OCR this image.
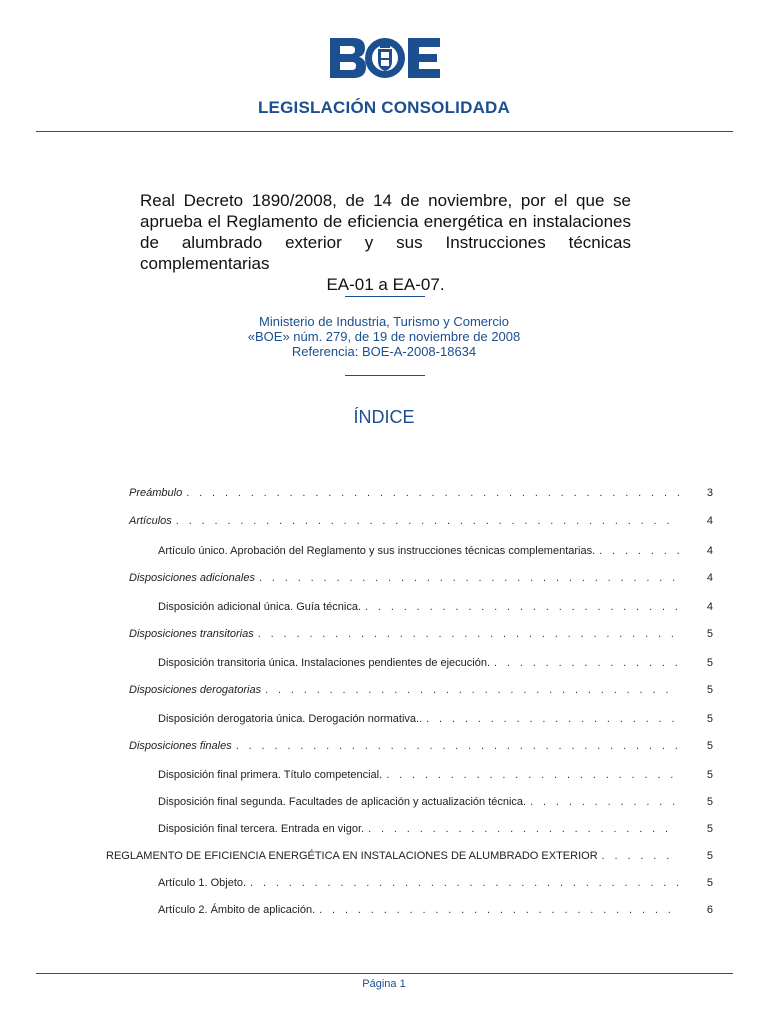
LEGISLACIÓN CONSOLIDADA
Real Decreto 1890/2008, de 14 de noviembre, por el que se aprueba el Reglamento de eficiencia energética en instalaciones de alumbrado exterior y sus Instrucciones técnicas complementarias
EA-01 a EA-07.
Ministerio de Industria, Turismo y Comercio
«BOE» núm. 279, de 19 de noviembre de 2008
Referencia: BOE-A-2008-18634
ÍNDICE
Preámbulo . . .	3
Artículos . . .	4
Artículo único. Aprobación del Reglamento y sus instrucciones técnicas complementarias. . . .	4
Disposiciones adicionales . . .	4
Disposición adicional única. Guía técnica. . . .	4
Disposiciones transitorias . . .	5
Disposición transitoria única. Instalaciones pendientes de ejecución. . . .	5
Disposiciones derogatorias . . .	5
Disposición derogatoria única. Derogación normativa.. . . .	5
Disposiciones finales . . .	5
Disposición final primera. Título competencial. . . .	5
Disposición final segunda. Facultades de aplicación y actualización técnica. . . .	5
Disposición final tercera. Entrada en vigor. . . .	5
REGLAMENTO DE EFICIENCIA ENERGÉTICA EN INSTALACIONES DE ALUMBRADO EXTERIOR . . .	5
Artículo 1. Objeto. . . .	5
Artículo 2. Ámbito de aplicación. . . .	6
Página 1
